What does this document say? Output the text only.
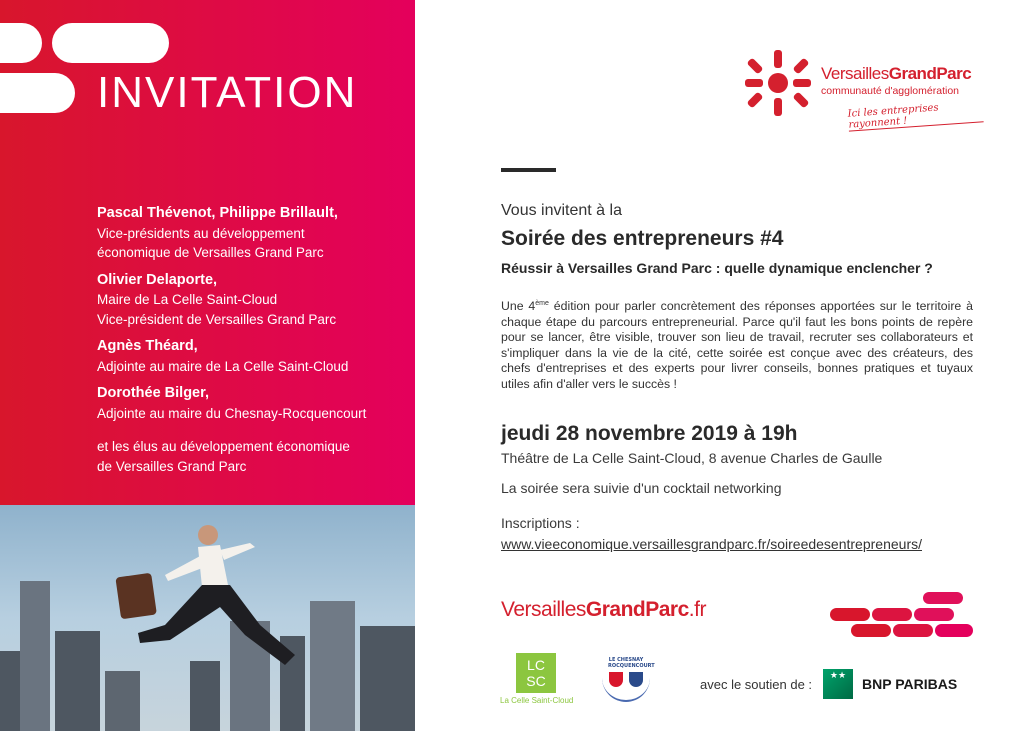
INVITATION
Pascal Thévenot, Philippe Brillault,
Vice-présidents au développement
économique de Versailles Grand Parc
Olivier Delaporte,
Maire de La Celle Saint-Cloud
Vice-président de Versailles Grand Parc
Agnès Théard,
Adjointe au maire de La Celle Saint-Cloud
Dorothée Bilger,
Adjointe au maire du Chesnay-Rocquencourt
et les élus au développement économique
de Versailles Grand Parc
VersaillesGrandParc
communauté d'agglomération
Ici les entreprises rayonnent !
Vous invitent à la
Soirée des entrepreneurs #4
Réussir à Versailles Grand Parc : quelle dynamique enclencher ?

Une 4ème édition pour parler concrètement des réponses apportées sur le territoire à chaque étape du parcours entrepreneurial. Parce qu'il faut les bons points de repère pour se lancer, être visible, trouver son lieu de travail, recruter ses collaborateurs et s'impliquer dans la vie de la cité, cette soirée est conçue avec des créateurs, des chefs d'entreprises et des experts pour livrer conseils, bonnes pratiques et tuyaux utiles afin d'aller vers le succès !

jeudi 28 novembre 2019 à 19h
Théâtre de La Celle Saint-Cloud, 8 avenue Charles de Gaulle
La soirée sera suivie d'un cocktail networking
Inscriptions :
www.vieeconomique.versaillesgrandparc.fr/soireedesentrepreneurs/
VersaillesGrandParc.fr
LC SC
La Celle Saint-Cloud
LE CHESNAY ROCQUENCOURT

avec le soutien de :
★★	BNP PARIBAS
